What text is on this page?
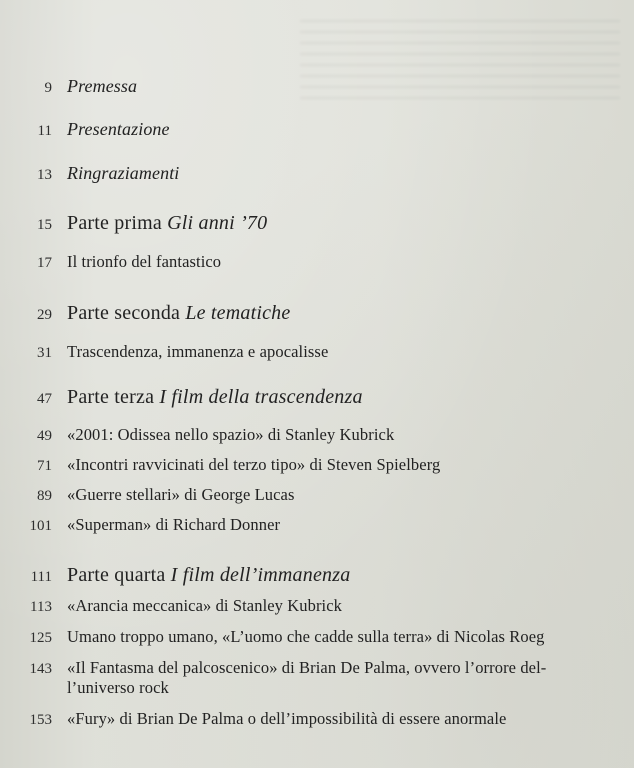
9 Premessa
11 Presentazione
13 Ringraziamenti
15 Parte prima Gli anni ’70
17 Il trionfo del fantastico
29 Parte seconda Le tematiche
31 Trascendenza, immanenza e apocalisse
47 Parte terza I film della trascendenza
49 «2001: Odissea nello spazio» di Stanley Kubrick
71 «Incontri ravvicinati del terzo tipo» di Steven Spielberg
89 «Guerre stellari» di George Lucas
101 «Superman» di Richard Donner
111 Parte quarta I film dell’immanenza
113 «Arancia meccanica» di Stanley Kubrick
125 Umano troppo umano, «L’uomo che cadde sulla terra» di Nicolas Roeg
143 «Il Fantasma del palcoscenico» di Brian De Palma, ovvero l’orrore del-
l’universo rock
153 «Fury» di Brian De Palma o dell’impossibilità di essere anormale
